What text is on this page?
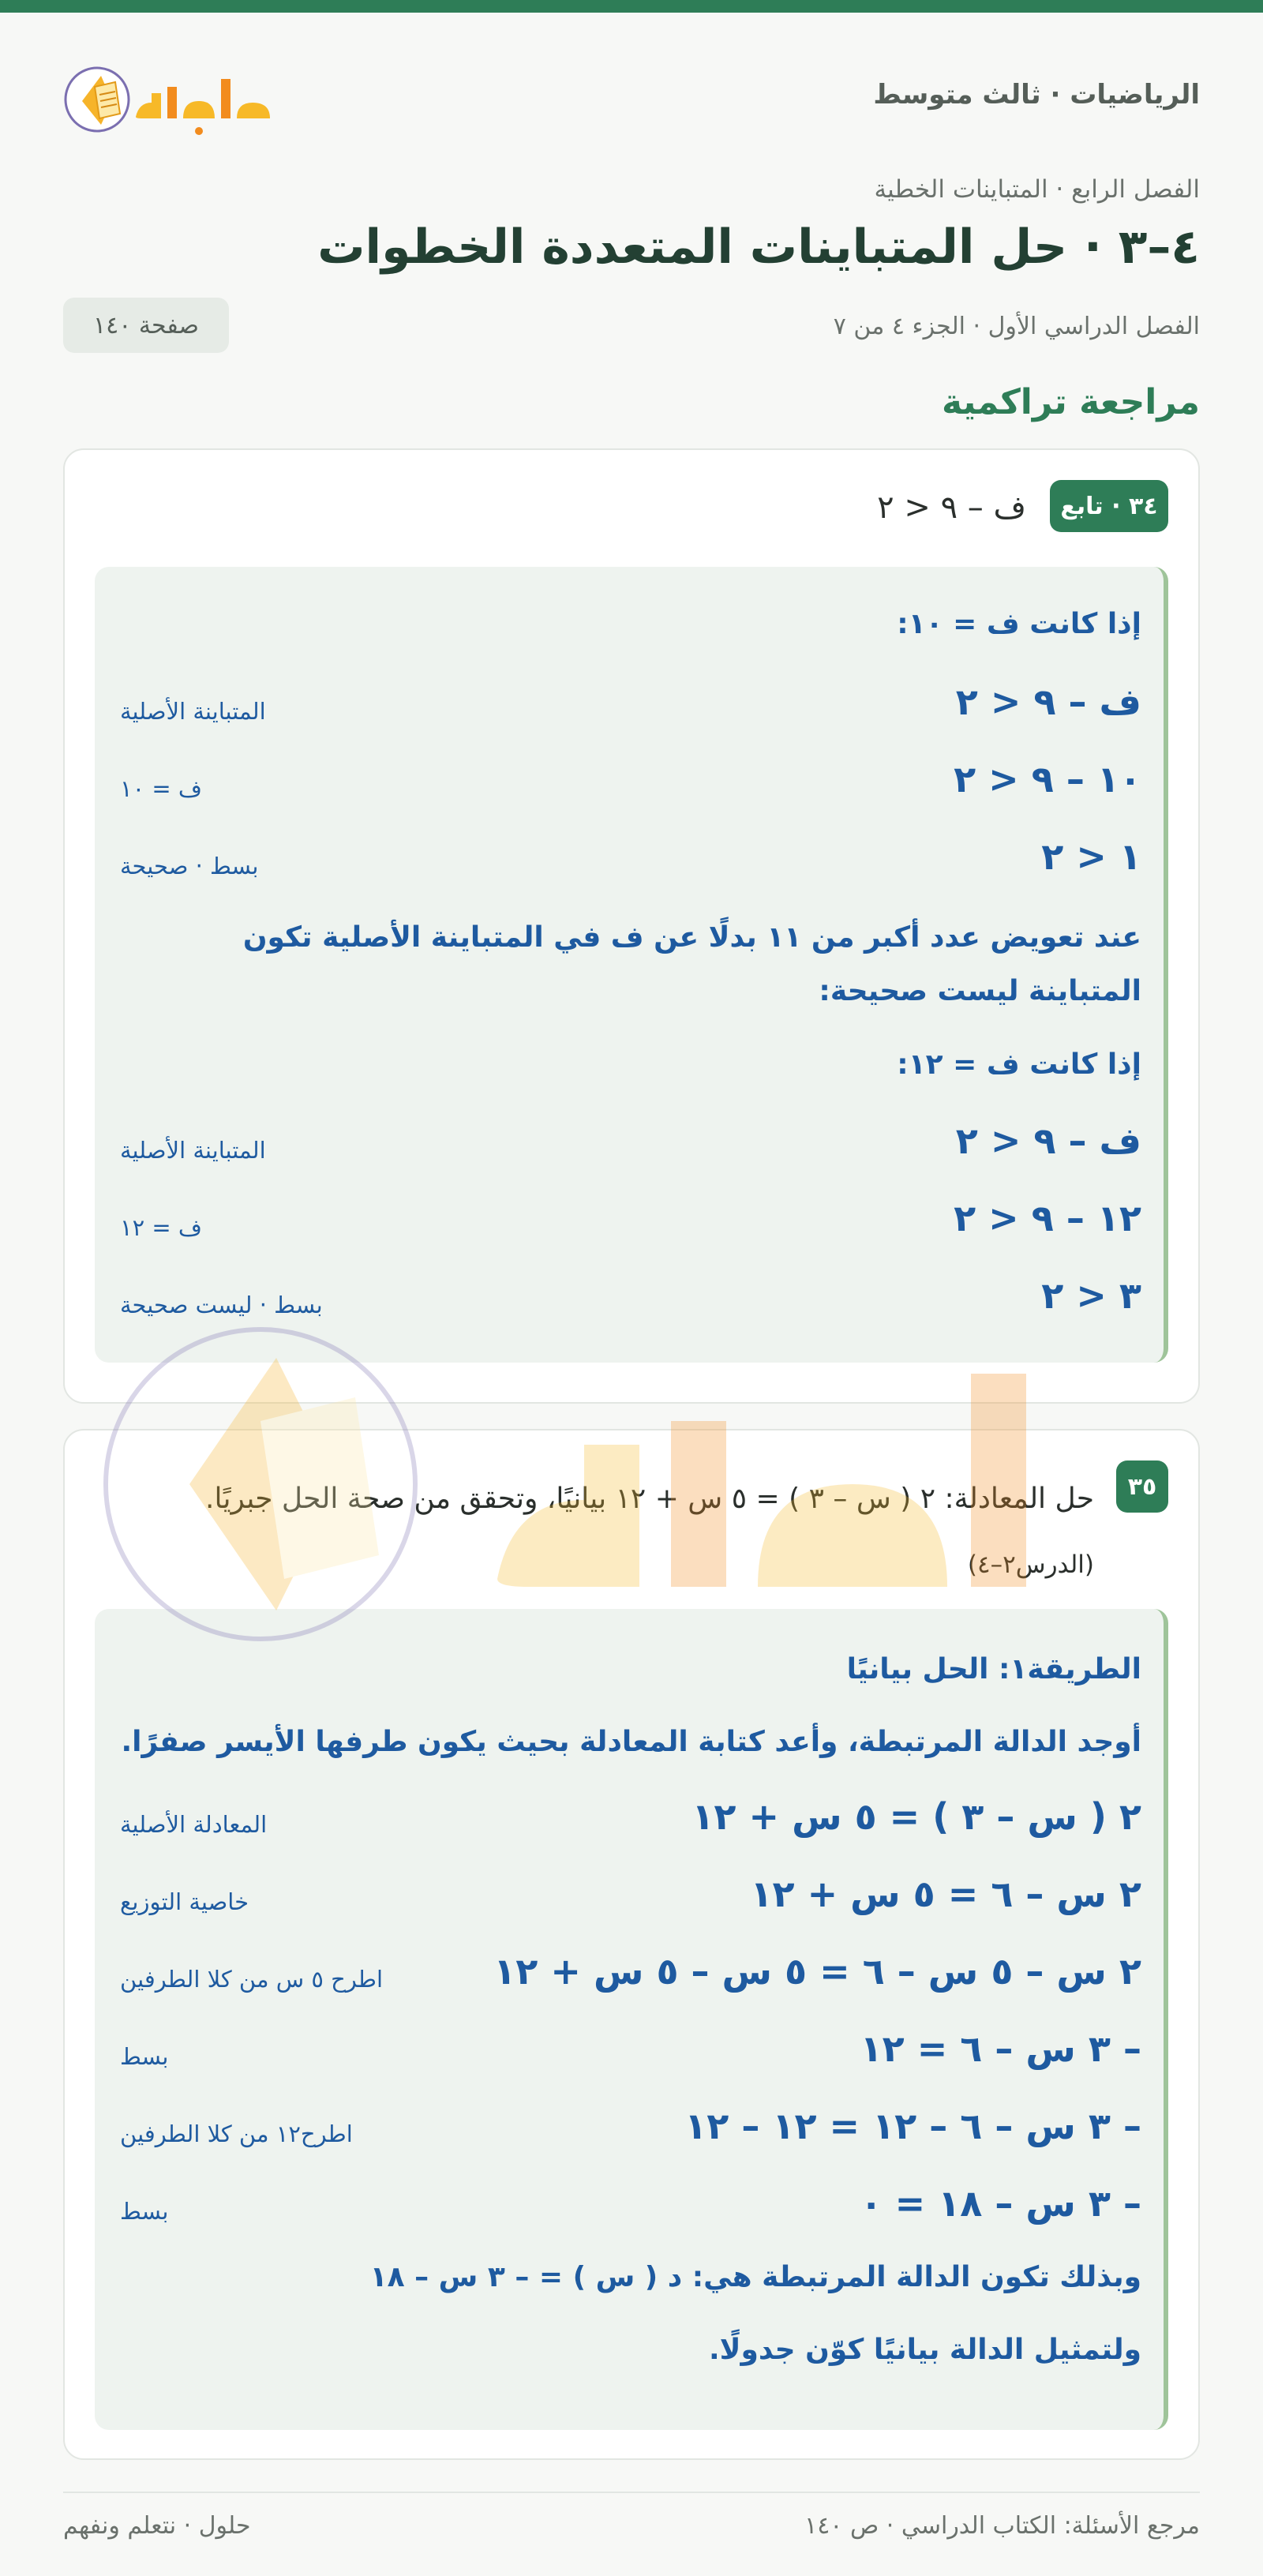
الرياضيات · ثالث متوسط
الفصل الرابع · المتباينات الخطية
٤–٣ · حل المتباينات المتعددة الخطوات
الفصل الدراسي الأول · الجزء ٤ من ٧
صفحة ١٤٠
مراجعة تراكمية
٣٤ · تابع
ف – ٩ < ٢
إذا كانت ف = ١٠:
ف – ٩ < ٢
المتباينة الأصلية
١٠ – ٩ < ٢
ف = ١٠
١ < ٢
بسط · صحيحة
عند تعويض عدد أكبر من ١١ بدلًا عن ف في المتباينة الأصلية تكون المتباينة ليست صحيحة:
إذا كانت ف = ١٢:
ف – ٩ < ٢
المتباينة الأصلية
١٢ – ٩ < ٢
ف = ١٢
٣ < ٢
بسط · ليست صحيحة
٣٥
حل المعادلة: ٢ ( س – ٣ ) = ٥ س + ١٢ بيانيًا، وتحقق من صحة الحل جبريًا. (الدرس٢–٤)
الطريقة١: الحل بيانيًا
أوجد الدالة المرتبطة، وأعد كتابة المعادلة بحيث يكون طرفها الأيسر صفرًا.
٢ ( س – ٣ ) = ٥ س + ١٢
المعادلة الأصلية
٢ س – ٦ = ٥ س + ١٢
خاصية التوزيع
٢ س – ٥ س – ٦ = ٥ س – ٥ س + ١٢
اطرح ٥ س من كلا الطرفين
– ٣ س – ٦ = ١٢
بسط
– ٣ س – ٦ – ١٢ = ١٢ – ١٢
اطرح١٢ من كلا الطرفين
– ٣ س – ١٨ = ٠
بسط
وبذلك تكون الدالة المرتبطة هي: د ( س ) = – ٣ س – ١٨
ولتمثيل الدالة بيانيًا كوّن جدولًا.
مرجع الأسئلة: الكتاب الدراسي · ص ١٤٠
حلول · نتعلم ونفهم
